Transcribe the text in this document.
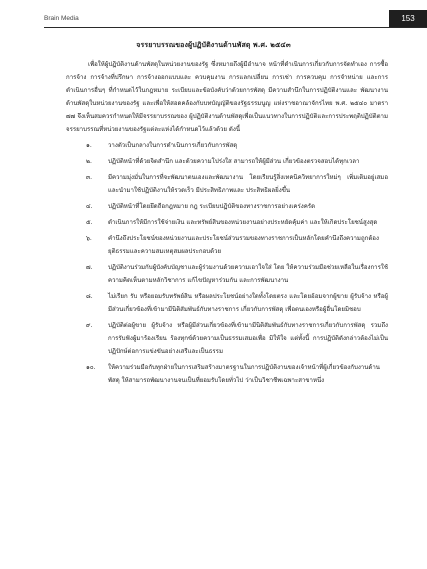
Brain Media	153
จรรยาบรรณของผู้ปฏิบัติงานด้านพัสดุ พ.ศ. ๒๕๔๓

เพื่อให้ผู้ปฏิบัติงานด้านพัสดุในหน่วยงานของรัฐ ซึ่งหมายถึงผู้มีอำนาจ หน้าที่ดำเนินการเกี่ยวกับการจัดทำเอง การซื้อ การจ้าง การจ้างที่ปรึกษา การจ้างออกแบบและ ควบคุมงาน การแลกเปลี่ยน การเช่า การควบคุม การจำหน่าย และการดำเนินการอื่นๆ ที่กำหนดไว้ในกฎหมาย ระเบียบและข้อบังคับว่าด้วยการพัสดุ มีความสำนึกในการปฏิบัติงานและ พัฒนางานด้านพัสดุในหน่วยงานของรัฐ และเพื่อให้สอดคล้องกับบทบัญญัติของรัฐธรรมนูญ แห่งราชอาณาจักรไทย พ.ศ. ๒๕๔๐ มาตรา ๗๗ จึงเห็นสมควรกำหนดให้มีจรรยาบรรณของ ผู้ปฏิบัติงานด้านพัสดุเพื่อเป็นแนวทางในการปฏิบัติและการประพฤติปฏิบัติตาม จรรยาบรรณที่หน่วยงานของรัฐแต่ละแห่งได้กำหนดไว้แล้วด้วย ดังนี้

๑.	วางตัวเป็นกลางในการดำเนินการเกี่ยวกับการพัสดุ
๒.	ปฏิบัติหน้าที่ด้วยจิตสำนึก และด้วยความโปร่งใส สามารถให้ผู้มีส่วน เกี่ยวข้องตรวจสอบได้ทุกเวลา
๓.	มีความมุ่งมั่นในการที่จะพัฒนาตนเองและพัฒนางาน โดยเรียนรู้สิ่งเทคนิควิทยาการใหม่ๆ เพิ่มเติมอยู่เสมอ และนำมาใช้ปฏิบัติงานให้รวดเร็ว มีประสิทธิภาพและ ประสิทธิผลยิ่งขึ้น
๔.	ปฏิบัติหน้าที่โดยยึดถือกฎหมาย กฎ ระเบียบปฏิบัติของทางราชการอย่างเคร่งครัด
๕.	ดำเนินการให้มีการใช้จ่ายเงิน และทรัพย์สินของหน่วยงานอย่างประหยัดคุ้มค่า และให้เกิดประโยชน์สูงสุด
๖.	คำนึงถึงประโยชน์ของหน่วยงานและประโยชน์ส่วนรวมของทางราชการเป็นหลักโดยคำนึงถึงความถูกต้อง ยุติธรรมและความสมเหตุสมผลประกอบด้วย
๗.	ปฏิบัติงานร่วมกับผู้บังคับบัญชาและผู้ร่วมงานด้วยความเอาใจใส่ โดย ให้ความร่วมมือช่วยเหลือในเรื่องการใช้ความคิดเห็นตามหลักวิชาการ แก้ไขปัญหาร่วมกัน และการพัฒนางาน
๘.	ไม่เรียก รับ หรือยอมรับทรัพย์สิน หรือผลประโยชน์อย่างใดทั้งโดยตรง และโดยอ้อมจากผู้ขาย ผู้รับจ้าง หรือผู้มีส่วนเกี่ยวข้องที่เข้ามามีนิติสัมพันธ์กับทางราชการ เกี่ยวกับการพัสดุ เพื่อตนเองหรือผู้อื่นโดยมิชอบ
๙.	ปฏิบัติต่อผู้ขาย ผู้รับจ้าง หรือผู้มีส่วนเกี่ยวข้องที่เข้ามามีนิติสัมพันธ์กับทางราชการเกี่ยวกับการพัสดุ รวมถึงการรับฟังผู้มาร้องเรียน ร้องทุกข์ด้วยความเป็นธรรมเสมอเพื่อ มิให้ใจ แต่ทั้งนี้ การปฏิบัติดังกล่าวต้องไม่เป็นปฏิปักษ์ต่อการแข่งขันอย่างเสรีและเป็นธรรม
๑๐.	ให้ความร่วมมือกับทุกฝ่ายในการเสริมสร้างมาตรฐานในการปฏิบัติงานของเจ้าหน้าที่ผู้เกี่ยวข้องกับงานด้านพัสดุ ให้สามารถพัฒนางานจนเป็นที่ยอมรับโดยทั่วไป ว่าเป็นวิชาชีพเฉพาะสาขาหนึ่ง
